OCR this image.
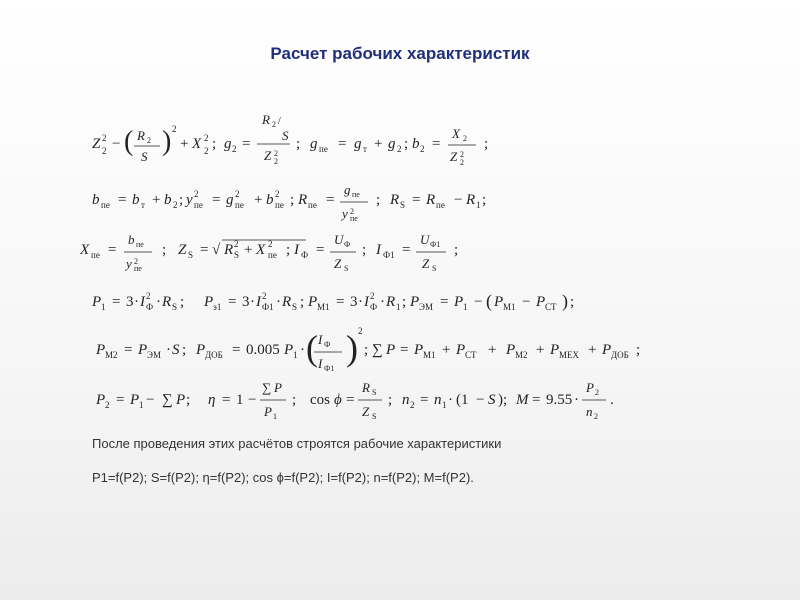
Расчет рабочих характеристик
Z 2
2 − ( R 2
S ) 2
+ X 2
2 ; g 2 =
R 2 /
S
Z 2
2
; g пе = g т + g 2 ; b 2 =
X 2
Z 2
2
;
b пе = b т + b 2 ; y 2
пе = g 2
пе + b 2
пе ; R пе =
g пе
y 2
пе
; R S = R пе − R 1 ;
X пе =
b пе
y 2
пе
; Z S = √ R 2
S + X 2
пе ; I Ф =
U Ф
Z S
; I Ф1 =
U Ф1
Z S
;
P 1 = 3 · I 2
Ф · R S ; P э1 = 3 · I 2
Ф1 · R S ; P M1 = 3 · I 2
Ф · R 1 ; P ЭМ = P 1 − ( P M1 − P СТ ) ;
P M2 = P ЭМ · S ; P ДОБ = 0.005 P 1 · ( I Ф
I Ф1
) 2
; ∑ P = P M1 + P СТ + P M2 + P MEX + P ДОБ ;
P 2 = P 1 − ∑ P ; η = 1 −
∑ P
P 1
; cos ϕ =
R S
Z S
; n 2 = n 1 · (1 − S ); M = 9.55 ·
P 2
n 2
.
После проведения этих расчётов строятся рабочие характеристики
P1=f(P2); S=f(P2); η=f(P2); cos ϕ=f(P2); I=f(P2); n=f(P2); M=f(P2).
